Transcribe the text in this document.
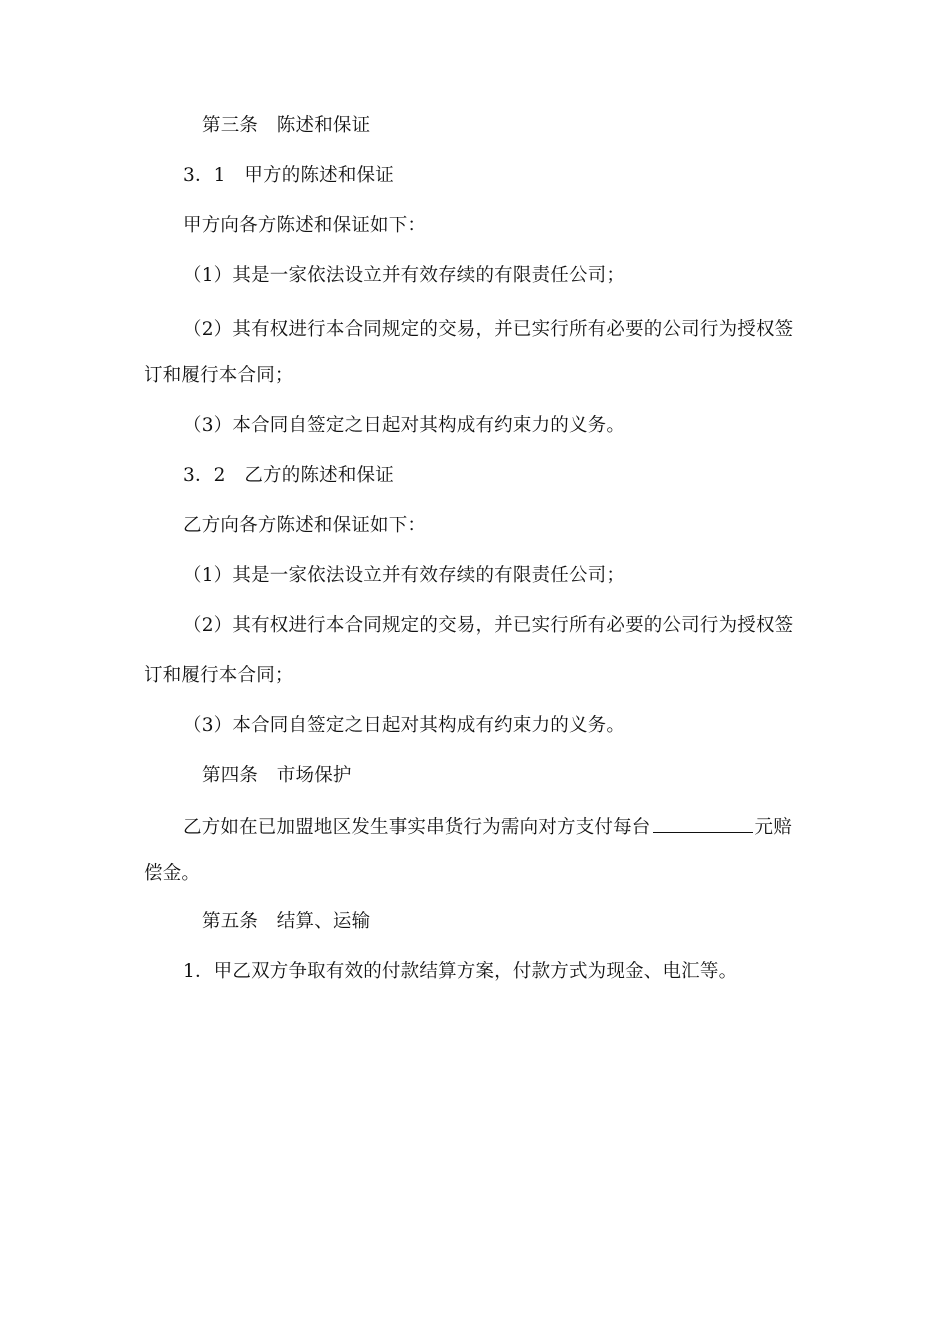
第三条　陈述和保证
3．1　甲方的陈述和保证
甲方向各方陈述和保证如下：
（1）其是一家依法设立并有效存续的有限责任公司；
（2）其有权进行本合同规定的交易，并已实行所有必要的公司行为授权签
订和履行本合同；
（3）本合同自签定之日起对其构成有约束力的义务。
3．2　乙方的陈述和保证
乙方向各方陈述和保证如下：
（1）其是一家依法设立并有效存续的有限责任公司；
（2）其有权进行本合同规定的交易，并已实行所有必要的公司行为授权签
订和履行本合同；
（3）本合同自签定之日起对其构成有约束力的义务。
第四条　市场保护
乙方如在已加盟地区发生事实串货行为需向对方支付每台	元赔
偿金。
第五条　结算、运输
1．甲乙双方争取有效的付款结算方案，付款方式为现金、电汇等。
